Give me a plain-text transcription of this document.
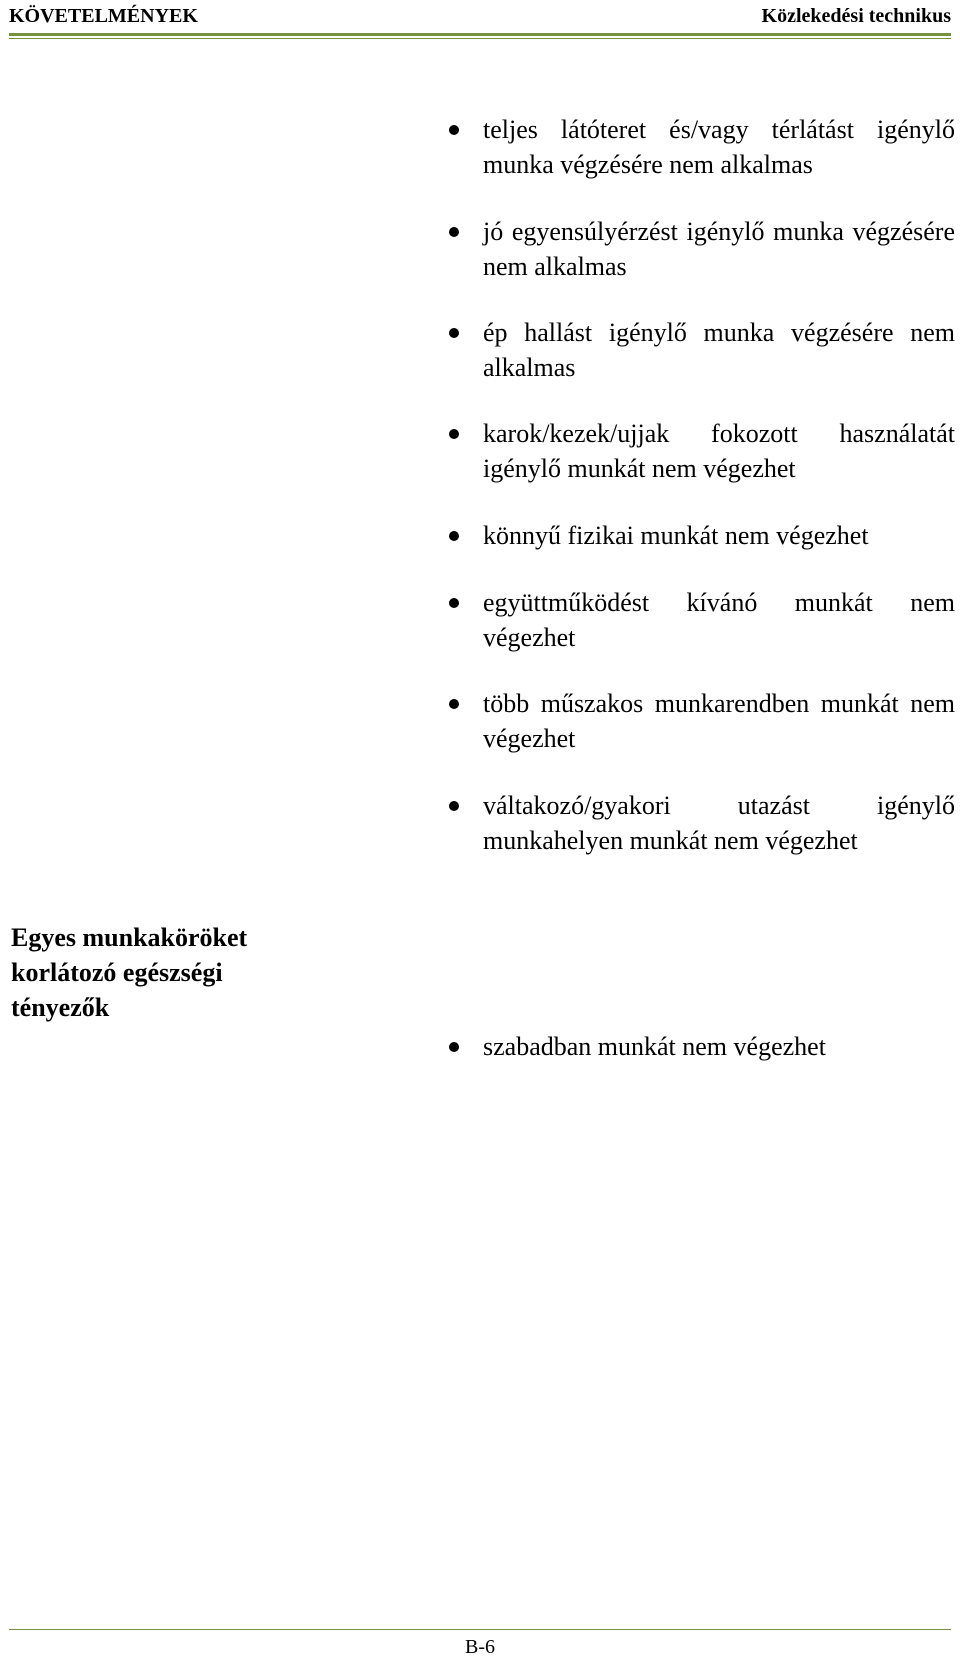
KÖVETELMÉNYEK	Közlekedési technikus
teljes látóteret és/vagy térlátást igénylő munka végzésére nem alkalmas
jó egyensúlyérzést igénylő munka végzésére nem alkalmas
ép hallást igénylő munka végzésére nem alkalmas
karok/kezek/ujjak fokozott használatát igénylő munkát nem végezhet
könnyű fizikai munkát nem végezhet
együttműködést kívánó munkát nem végezhet
több műszakos munkarendben munkát nem végezhet
váltakozó/gyakori utazást igénylő munkahelyen munkát nem végezhet
Egyes munkaköröket korlátozó egészségi tényezők
szabadban munkát nem végezhet
B-6
